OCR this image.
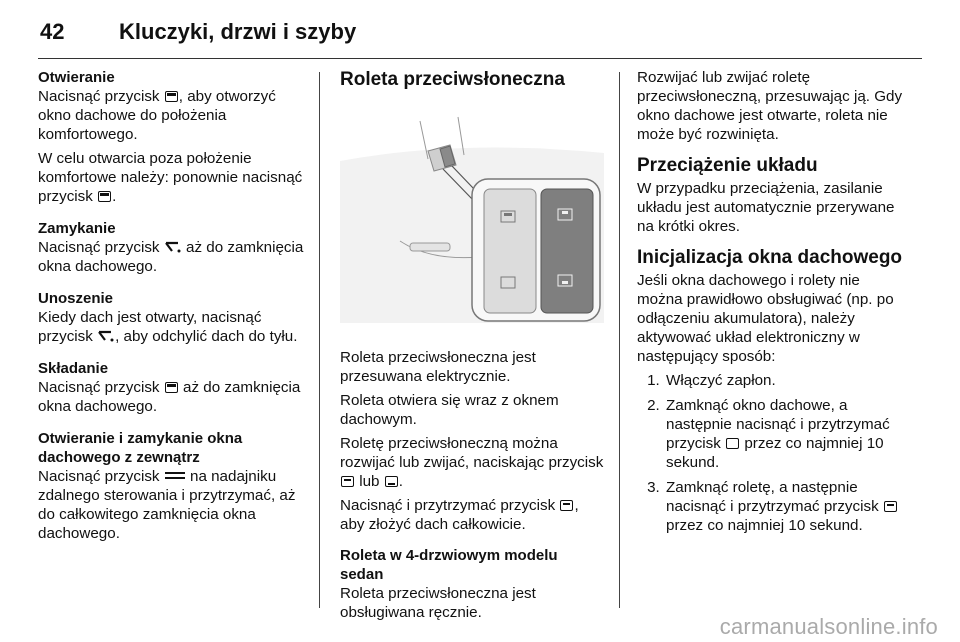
42 Kluczyki, drzwi i szyby
Otwieranie

Nacisnąć przycisk , aby otworzyć okno dachowe do położenia komfortowego.

W celu otwarcia poza położenie komfortowe należy: ponownie nacisnąć przycisk .

Zamykanie

Nacisnąć przycisk aż do zamknięcia okna dachowego.

Unoszenie

Kiedy dach jest otwarty, nacisnąć przycisk , aby odchylić dach do tyłu.

Składanie

Nacisnąć przycisk aż do zamknięcia okna dachowego.

Otwieranie i zamykanie okna dachowego z zewnątrz

Nacisnąć przycisk na nadajniku zdalnego sterowania i przytrzymać, aż do całkowitego zamknięcia okna dachowego.

Roleta przeciwsłoneczna

Roleta przeciwsłoneczna jest przesuwana elektrycznie.

Roleta otwiera się wraz z oknem dachowym.

Roletę przeciwsłoneczną można rozwijać lub zwijać, naciskając przycisk  lub .

Nacisnąć i przytrzymać przycisk , aby złożyć dach całkowicie.

Roleta w 4-drzwiowym modelu sedan

Roleta przeciwsłoneczna jest obsługiwana ręcznie.

Rozwijać lub zwijać roletę przeciwsłoneczną, przesuwając ją. Gdy okno dachowe jest otwarte, roleta nie może być rozwinięta.

Przeciążenie układu

W przypadku przeciążenia, zasilanie układu jest automatycznie przerywane na krótki okres.

Inicjalizacja okna dachowego

Jeśli okna dachowego i rolety nie można prawidłowo obsługiwać (np. po odłączeniu akumulatora), należy aktywować układ elektroniczny w następujący sposób:

1. Włączyć zapłon.
2. Zamknąć okno dachowe, a następnie nacisnąć i przytrzymać przycisk przez co najmniej 10 sekund.
3. Zamknąć roletę, a następnie nacisnąć i przytrzymać przycisk  przez co najmniej 10 sekund.
carmanualsonline.info
